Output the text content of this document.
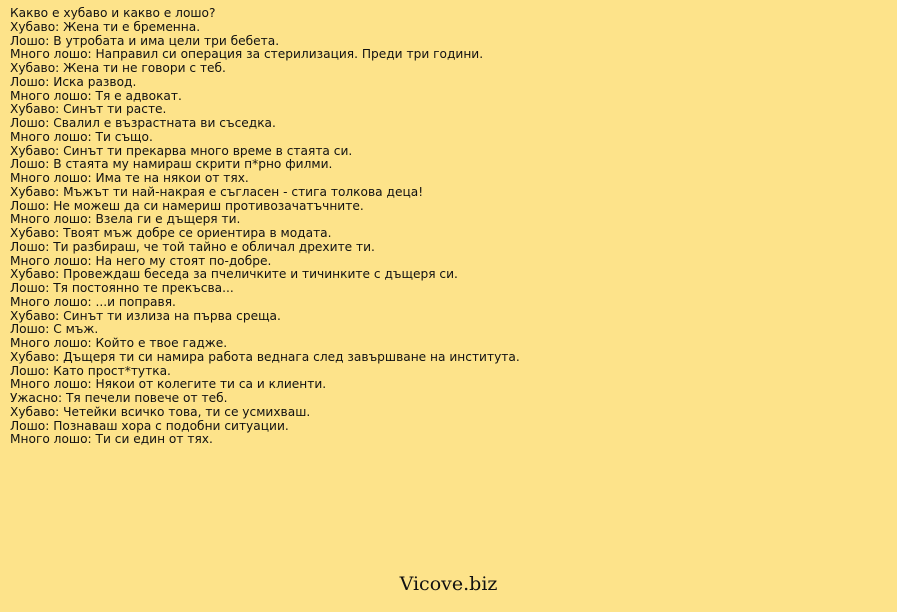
Какво е хубаво и какво е лошо?
Хубаво: Жена ти е бременна.
Лошо: В утробата и има цели три бебета.
Много лошо: Направил си операция за стерилизация. Преди три години.
Хубаво: Жена ти не говори с теб.
Лошо: Иска развод.
Много лошо: Тя е адвокат.
Хубаво: Синът ти расте.
Лошо: Свалил е възрастната ви съседка.
Много лошо: Ти също.
Хубаво: Синът ти прекарва много време в стаята си.
Лошо: В стаята му намираш скрити п*рно филми.
Много лошо: Има те на някои от тях.
Хубаво: Мъжът ти най-накрая е съгласен - стига толкова деца!
Лошо: Не можеш да си намериш противозачатъчните.
Много лошо: Взела ги е дъщеря ти.
Хубаво: Твоят мъж добре се ориентира в модата.
Лошо: Ти разбираш, че той тайно е обличал дрехите ти.
Много лошо: На него му стоят по-добре.
Хубаво: Провеждаш беседа за пчеличките и тичинките с дъщеря си.
Лошо: Тя постоянно те прекъсва...
Много лошо: ...и поправя.
Хубаво: Синът ти излиза на първа среща.
Лошо: С мъж.
Много лошо: Който е твое гадже.
Хубаво: Дъщеря ти си намира работа веднага след завършване на института.
Лошо: Като прост*тутка.
Много лошо: Някои от колегите ти са и клиенти.
Ужасно: Тя печели повече от теб.
Хубаво: Четейки всичко това, ти се усмихваш.
Лошо: Познаваш хора с подобни ситуации.
Много лошо: Ти си един от тях.
Vicove.biz
